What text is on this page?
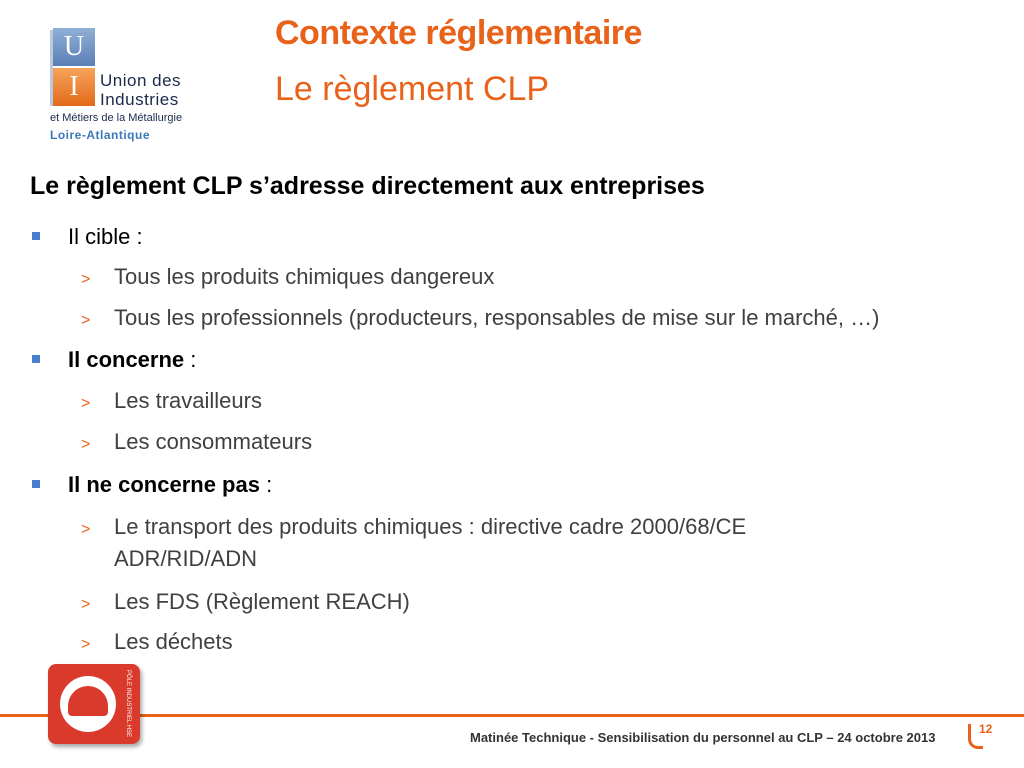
U
I	Union des
Industries
et Métiers de la Métallurgie
Loire-Atlantique
Contexte réglementaire
Le règlement CLP
Le règlement CLP s’adresse directement aux entreprises
Il cible :
> Tous les produits chimiques dangereux
> Tous les professionnels (producteurs, responsables de mise sur le marché, …)
Il concerne :
> Les travailleurs
> Les consommateurs
Il ne concerne pas :
> Le transport des produits chimiques : directive cadre 2000/68/CE
ADR/RID/ADN
> Les FDS (Règlement REACH)
> Les déchets
PÔLE INDUSTRIEL HSE
Matinée Technique - Sensibilisation du personnel au CLP – 24 octobre 2013
12
